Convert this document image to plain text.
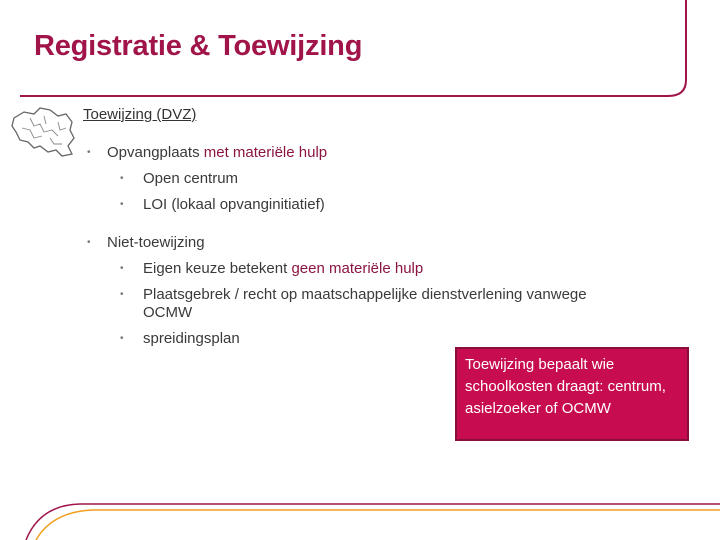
Registratie & Toewijzing
Toewijzing (DVZ)
• Opvangplaats met materiële hulp
• Open centrum
• LOI (lokaal opvanginitiatief)
• Niet-toewijzing
• Eigen keuze betekent geen materiële hulp
• Plaatsgebrek / recht op maatschappelijke dienstverlening vanwege
OCMW
• spreidingsplan
Toewijzing bepaalt wie schoolkosten draagt: centrum, asielzoeker of OCMW
